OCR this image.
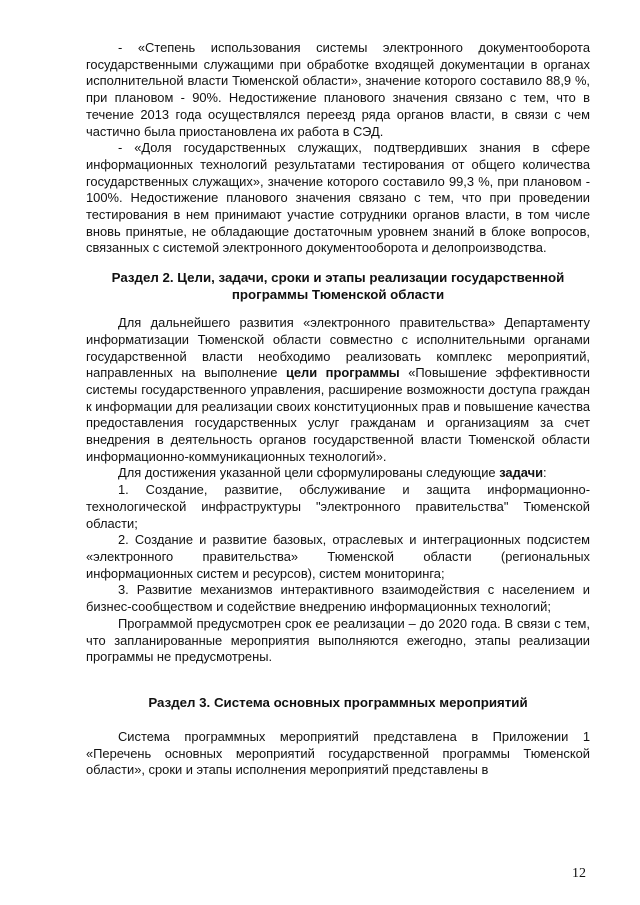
- «Степень использования системы электронного документооборота государственными служащими при обработке входящей документации в органах исполнительной власти Тюменской области», значение которого составило 88,9 %, при плановом - 90%. Недостижение планового значения связано с тем, что в течение 2013 года осуществлялся переезд ряда органов власти, в связи с чем частично была приостановлена их работа в СЭД.

- «Доля государственных служащих, подтвердивших знания в сфере информационных технологий результатами тестирования от общего количества государственных служащих», значение которого составило 99,3 %, при плановом - 100%. Недостижение планового значения связано с тем, что при проведении тестирования в нем принимают участие сотрудники органов власти, в том числе вновь принятые, не обладающие достаточным уровнем знаний в блоке вопросов, связанных с системой электронного документооборота и делопроизводства.

Раздел 2. Цели, задачи, сроки и этапы реализации государственной программы Тюменской области

Для дальнейшего развития «электронного правительства» Департаменту информатизации Тюменской области совместно с исполнительными органами государственной власти необходимо реализовать комплекс мероприятий, направленных на выполнение цели программы «Повышение эффективности системы государственного управления, расширение возможности доступа граждан к информации для реализации своих конституционных прав и повышение качества предоставления государственных услуг гражданам и организациям за счет внедрения в деятельность органов государственной власти Тюменской области информационно-коммуникационных технологий».

Для достижения указанной цели сформулированы следующие задачи:

1. Создание, развитие, обслуживание и защита информационно-технологической инфраструктуры "электронного правительства" Тюменской области;

2. Создание и развитие базовых, отраслевых и интеграционных подсистем «электронного правительства» Тюменской области (региональных информационных систем и ресурсов), систем мониторинга;

3. Развитие механизмов интерактивного взаимодействия с населением и бизнес-сообществом и содействие внедрению информационных технологий;

Программой предусмотрен срок ее реализации – до 2020 года. В связи с тем, что запланированные мероприятия выполняются ежегодно, этапы реализации программы не предусмотрены.

Раздел 3. Система основных программных мероприятий

Система программных мероприятий представлена в Приложении 1 «Перечень основных мероприятий государственной программы Тюменской области», сроки и этапы исполнения мероприятий представлены в

12
